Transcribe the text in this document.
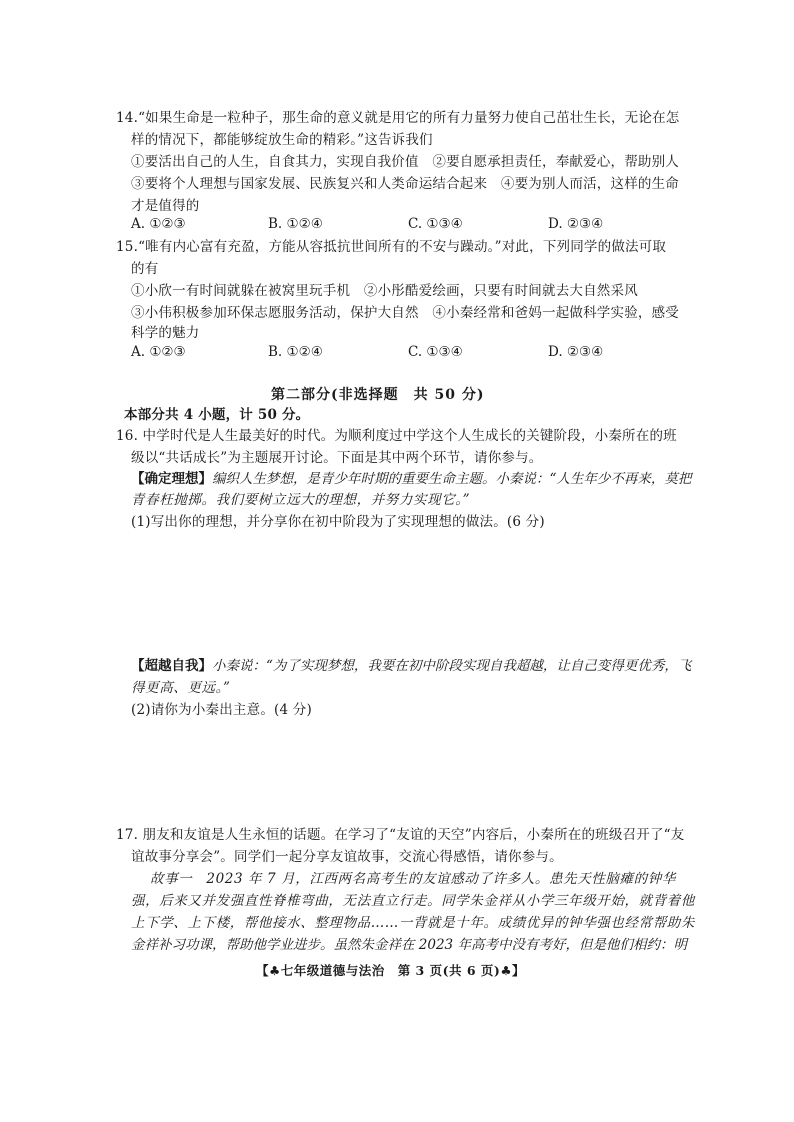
14.“如果生命是一粒种子，那生命的意义就是用它的所有力量努力使自己茁壮生长，无论在怎
样的情况下，都能够绽放生命的精彩。”这告诉我们
①要活出自己的人生，自食其力，实现自我价值　②要自愿承担责任，奉献爱心，帮助别人
③要将个人理想与国家发展、民族复兴和人类命运结合起来　④要为别人而活，这样的生命
才是值得的
A. ①②③	B. ①②④	C. ①③④	D. ②③④
15.“唯有内心富有充盈，方能从容抵抗世间所有的不安与躁动。”对此，下列同学的做法可取
的有
①小欣一有时间就躲在被窝里玩手机　②小彤酷爱绘画，只要有时间就去大自然采风
③小伟积极参加环保志愿服务活动，保护大自然　④小秦经常和爸妈一起做科学实验，感受
科学的魅力
A. ①②③	B. ①②④	C. ①③④	D. ②③④
第二部分(非选择题　共 50 分)
本部分共 4 小题，计 50 分。
16. 中学时代是人生最美好的时代。为顺利度过中学这个人生成长的关键阶段，小秦所在的班
级以“共话成长”为主题展开讨论。下面是其中两个环节，请你参与。
【确定理想】编织人生梦想，是青少年时期的重要生命主题。小秦说：“人生年少不再来，莫把
青春枉抛掷。我们要树立远大的理想，并努力实现它。”
(1)写出你的理想，并分享你在初中阶段为了实现理想的做法。(6 分)
【超越自我】小秦说：“为了实现梦想，我要在初中阶段实现自我超越，让自己变得更优秀，飞
得更高、更远。”
(2)请你为小秦出主意。(4 分)
17. 朋友和友谊是人生永恒的话题。在学习了“友谊的天空”内容后，小秦所在的班级召开了“友
谊故事分享会”。同学们一起分享友谊故事，交流心得感悟，请你参与。
故事一　2023 年 7 月，江西两名高考生的友谊感动了许多人。患先天性脑瘫的钟华
强，后来又并发强直性脊椎弯曲，无法直立行走。同学朱金祥从小学三年级开始，就背着他
上下学、上下楼，帮他接水、整理物品……一背就是十年。成绩优异的钟华强也经常帮助朱
金祥补习功课，帮助他学业进步。虽然朱金祥在 2023 年高考中没有考好，但是他们相约：明
【♣七年级道德与法治　第 3 页(共 6 页)♣】
